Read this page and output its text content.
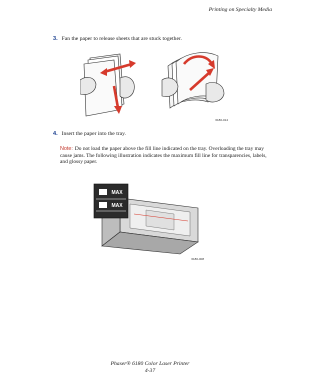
Printing on Specialty Media
3. Fan the paper to release sheets that are stuck together.
6180-014
4. Insert the paper into the tray.
Note: Do not load the paper above the fill line indicated on the tray. Overloading the tray may cause jams. The following illustration indicates the maximum fill line for transparencies, labels, and glossy paper.
MAX
MAX
6180-008
Phaser® 6180 Color Laser Printer
4-37
